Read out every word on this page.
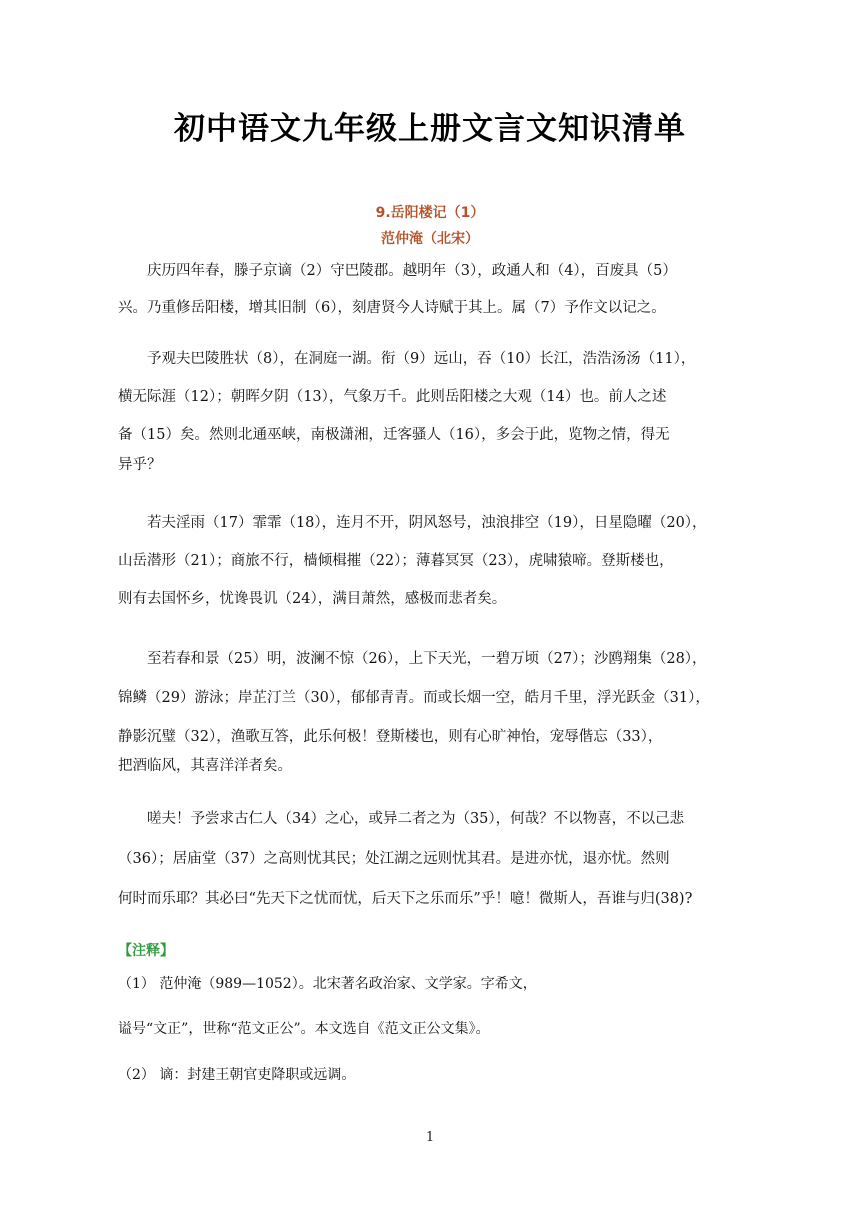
初中语文九年级上册文言文知识清单
9.岳阳楼记（1）
范仲淹（北宋）
　　庆历四年春，滕子京谪（2）守巴陵郡。越明年（3），政通人和（4），百废具（5）
兴。乃重修岳阳楼，增其旧制（6），刻唐贤今人诗赋于其上。属（7）予作文以记之。
　　予观夫巴陵胜状（8），在洞庭一湖。衔（9）远山，吞（10）长江，浩浩汤汤（11），
横无际涯（12）；朝晖夕阴（13），气象万千。此则岳阳楼之大观（14）也。前人之述
备（15）矣。然则北通巫峡，南极潇湘，迁客骚人（16），多会于此，览物之情，得无
异乎？
　　若夫淫雨（17）霏霏（18），连月不开，阴风怒号，浊浪排空（19），日星隐曜（20），
山岳潜形（21）；商旅不行，樯倾楫摧（22）；薄暮冥冥（23），虎啸猿啼。登斯楼也，
则有去国怀乡，忧谗畏讥（24），满目萧然，感极而悲者矣。
　　至若春和景（25）明，波澜不惊（26），上下天光，一碧万顷（27）；沙鸥翔集（28），
锦鳞（29）游泳；岸芷汀兰（30），郁郁青青。而或长烟一空，皓月千里，浮光跃金（31），
静影沉璧（32），渔歌互答，此乐何极！登斯楼也，则有心旷神怡，宠辱偕忘（33），
把酒临风，其喜洋洋者矣。
　　嗟夫！予尝求古仁人（34）之心，或异二者之为（35），何哉？不以物喜，不以己悲
（36）；居庙堂（37）之高则忧其民；处江湖之远则忧其君。是进亦忧，退亦忧。然则
何时而乐耶？其必曰“先天下之忧而忧，后天下之乐而乐”乎！噫！微斯人，吾谁与归(38)?
【注释】
（1） 范仲淹（989—1052）。北宋著名政治家、文学家。字希文，
谥号“文正”，世称“范文正公”。本文选自《范文正公文集》。
（2） 谪：封建王朝官吏降职或远调。
1
